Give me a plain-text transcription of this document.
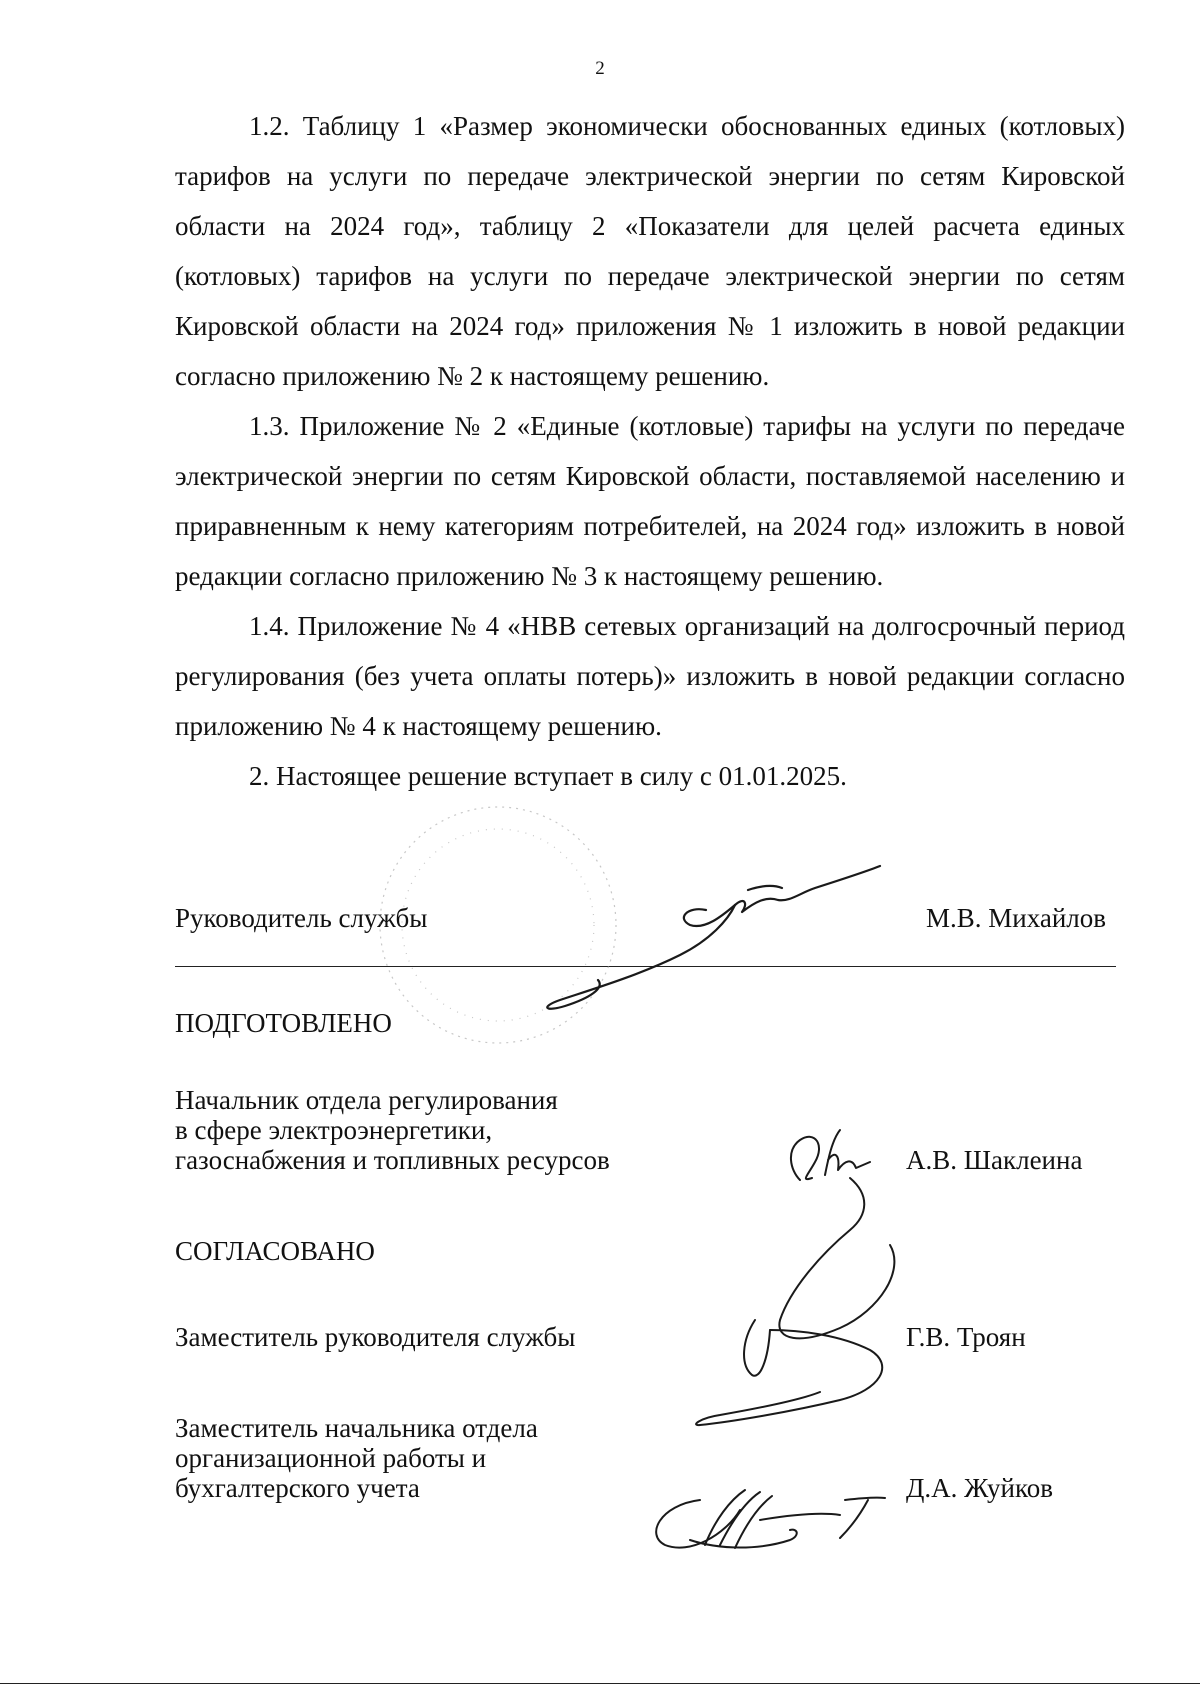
2

1.2. Таблицу 1 «Размер экономически обоснованных единых (котловых) тарифов на услуги по передаче электрической энергии по сетям Кировской области на 2024 год», таблицу 2 «Показатели для целей расчета единых (котловых) тарифов на услуги по передаче электрической энергии по сетям Кировской области на 2024 год» приложения № 1 изложить в новой редакции согласно приложению № 2 к настоящему решению.

1.3. Приложение № 2 «Единые (котловые) тарифы на услуги по передаче электрической энергии по сетям Кировской области, поставляемой населению и приравненным к нему категориям потребителей, на 2024 год» изложить в новой редакции согласно приложению № 3 к настоящему решению.

1.4. Приложение № 4 «НВВ сетевых организаций на долгосрочный период регулирования (без учета оплаты потерь)» изложить в новой редакции согласно приложению № 4 к настоящему решению.

2. Настоящее решение вступает в силу с 01.01.2025.

Руководитель службы	М.В. Михайлов
ПОДГОТОВЛЕНО
Начальник отдела регулирования
в сфере электроэнергетики,
газоснабжения и топливных ресурсов	А.В. Шаклеина
СОГЛАСОВАНО
Заместитель руководителя службы	Г.В. Троян
Заместитель начальника отдела
организационной работы и
бухгалтерского учета	Д.А. Жуйков
